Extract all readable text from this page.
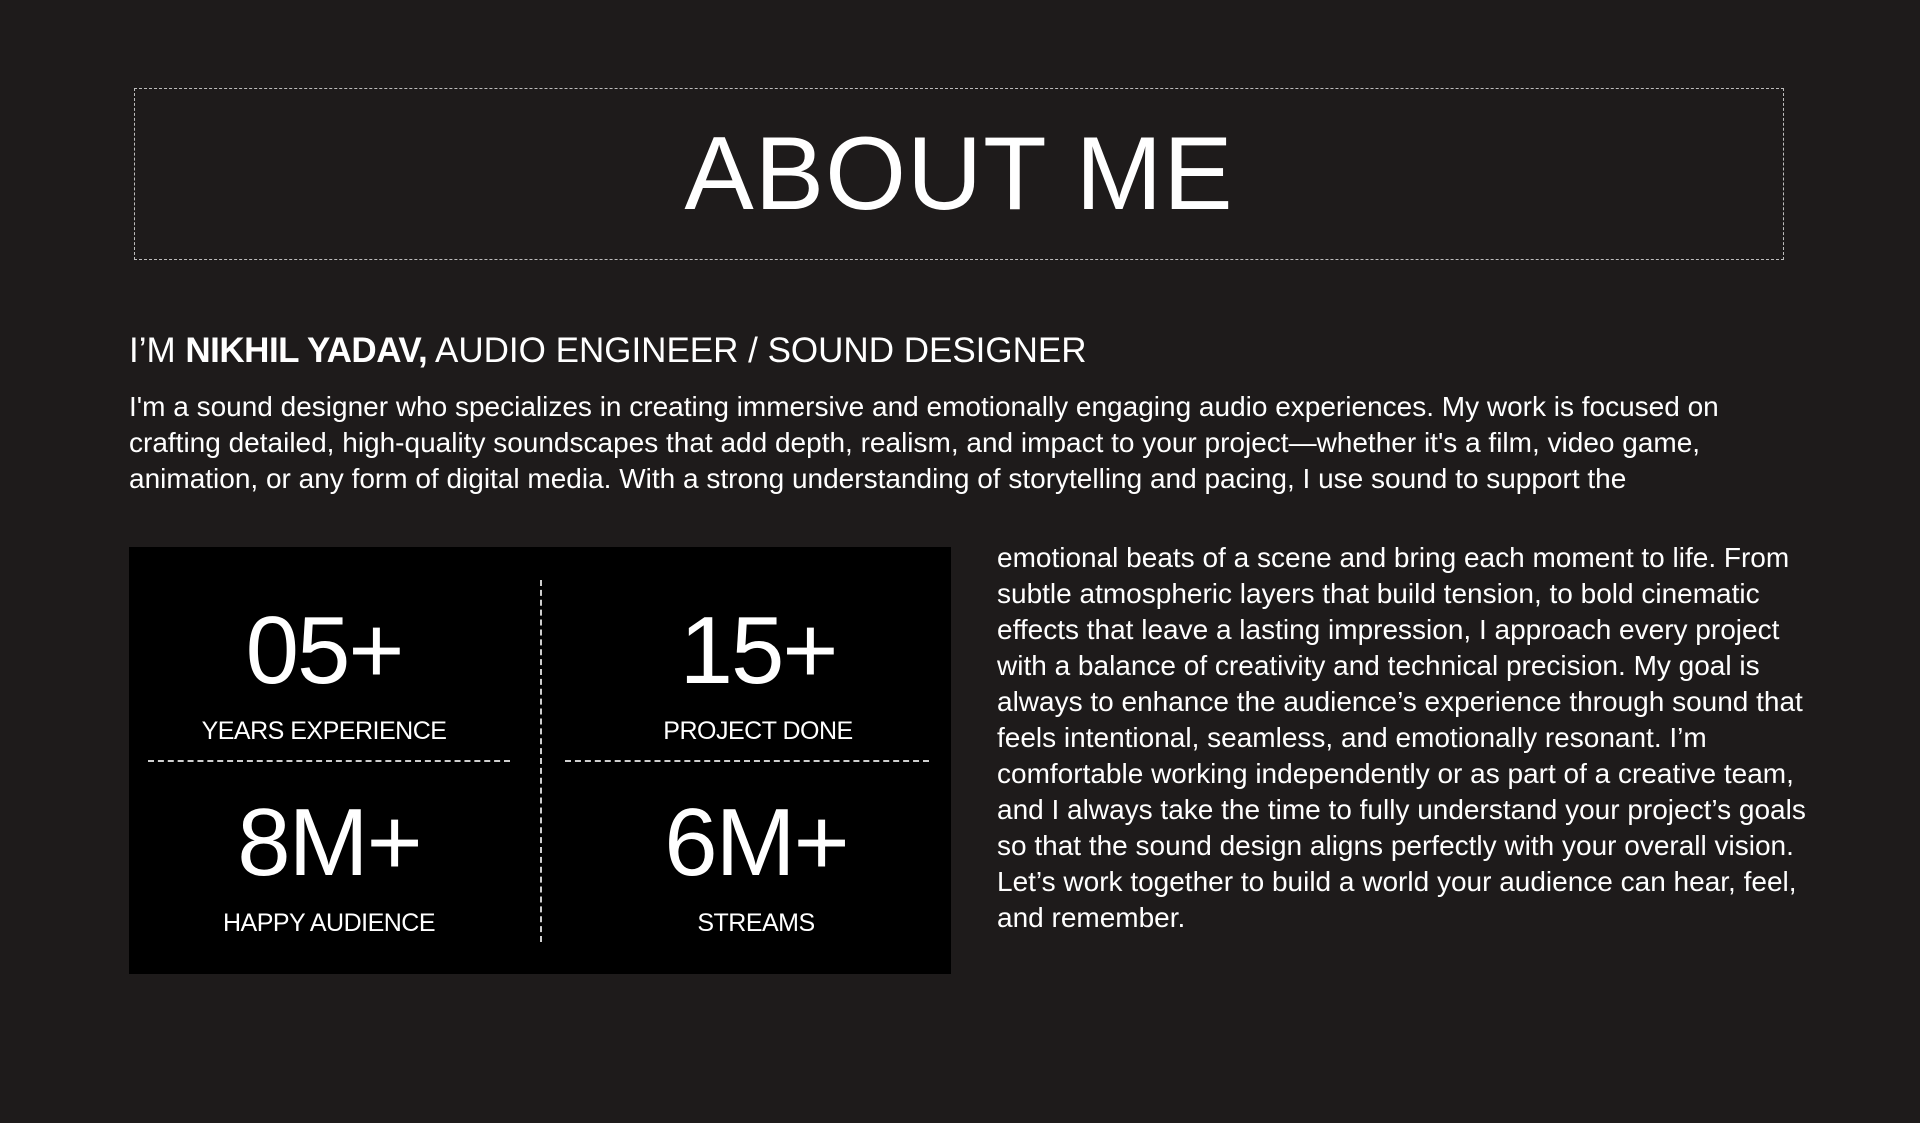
ABOUT ME
I’M NIKHIL YADAV, AUDIO ENGINEER / SOUND DESIGNER

I'm a sound designer who specializes in creating immersive and emotionally engaging audio experiences. My work is focused on crafting detailed, high-quality soundscapes that add depth, realism, and impact to your project—whether it's a film, video game, animation, or any form of digital media. With a strong understanding of storytelling and pacing, I use sound to support the

05+
YEARS EXPERIENCE
15+
PROJECT DONE
8M+
HAPPY AUDIENCE
6M+
STREAMS

emotional beats of a scene and bring each moment to life. From subtle atmospheric layers that build tension, to bold cinematic effects that leave a lasting impression, I approach every project with a balance of creativity and technical precision. My goal is always to enhance the audience’s experience through sound that feels intentional, seamless, and emotionally resonant. I’m comfortable working independently or as part of a creative team, and I always take the time to fully understand your project’s goals so that the sound design aligns perfectly with your overall vision.
Let’s work together to build a world your audience can hear, feel, and remember.
